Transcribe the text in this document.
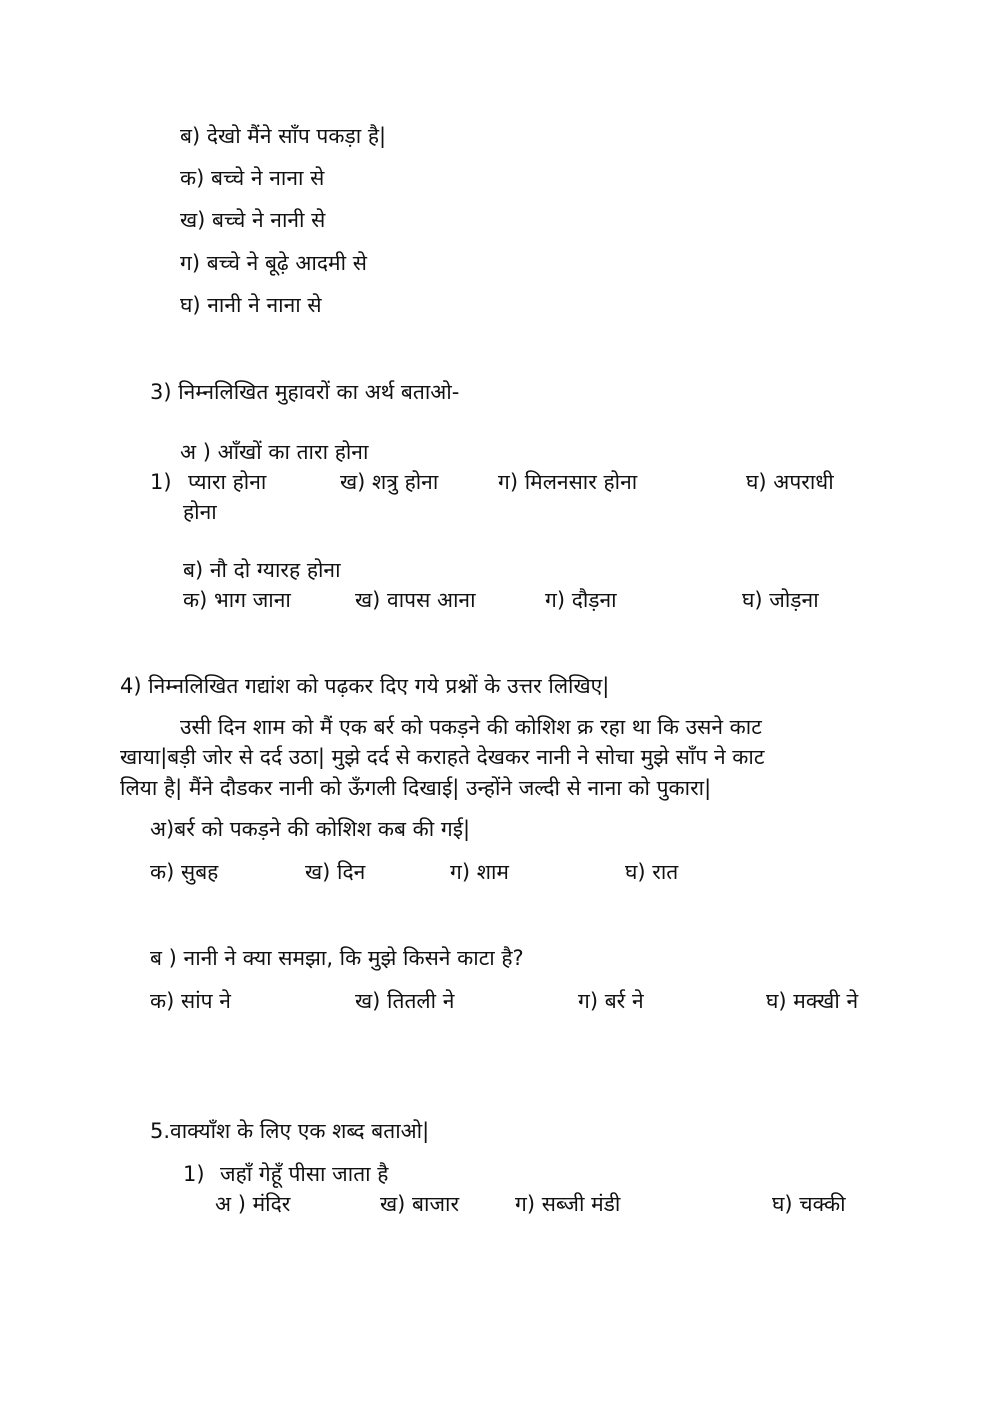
ब) देखो मैंने साँप पकड़ा है|
क) बच्चे ने नाना से
ख) बच्चे ने नानी से
ग) बच्चे ने बूढ़े आदमी से
घ) नानी ने नाना से
3) निम्नलिखित मुहावरों का अर्थ बताओ-
अ ) आँखों का तारा होना
1) प्यारा होना	ख) शत्रु होना	ग) मिलनसार होना	घ) अपराधी
होना
ब) नौ दो ग्यारह होना
क) भाग जाना	ख) वापस आना	ग) दौड़ना	घ) जोड़ना
4) निम्नलिखित गद्यांश को पढ़कर दिए गये प्रश्नों के उत्तर लिखिए|
उसी दिन शाम को मैं एक बर्र को पकड़ने की कोशिश क्र रहा था कि उसने काट
खाया|बड़ी जोर से दर्द उठा| मुझे दर्द से कराहते देखकर नानी ने सोचा मुझे साँप ने काट
लिया है| मैंने दौडकर नानी को ऊँगली दिखाई| उन्होंने जल्दी से नाना को पुकारा|
अ)बर्र को पकड़ने की कोशिश कब की गई|
क) सुबह	ख) दिन	ग) शाम	घ) रात
ब ) नानी ने क्या समझा, कि मुझे किसने काटा है?
क) सांप ने	ख) तितली ने	ग) बर्र ने	घ) मक्खी ने
5.वाक्याँश के लिए एक शब्द बताओ|
1) जहाँ गेहूँ पीसा जाता है
अ ) मंदिर	ख) बाजार	ग) सब्जी मंडी	घ) चक्की
